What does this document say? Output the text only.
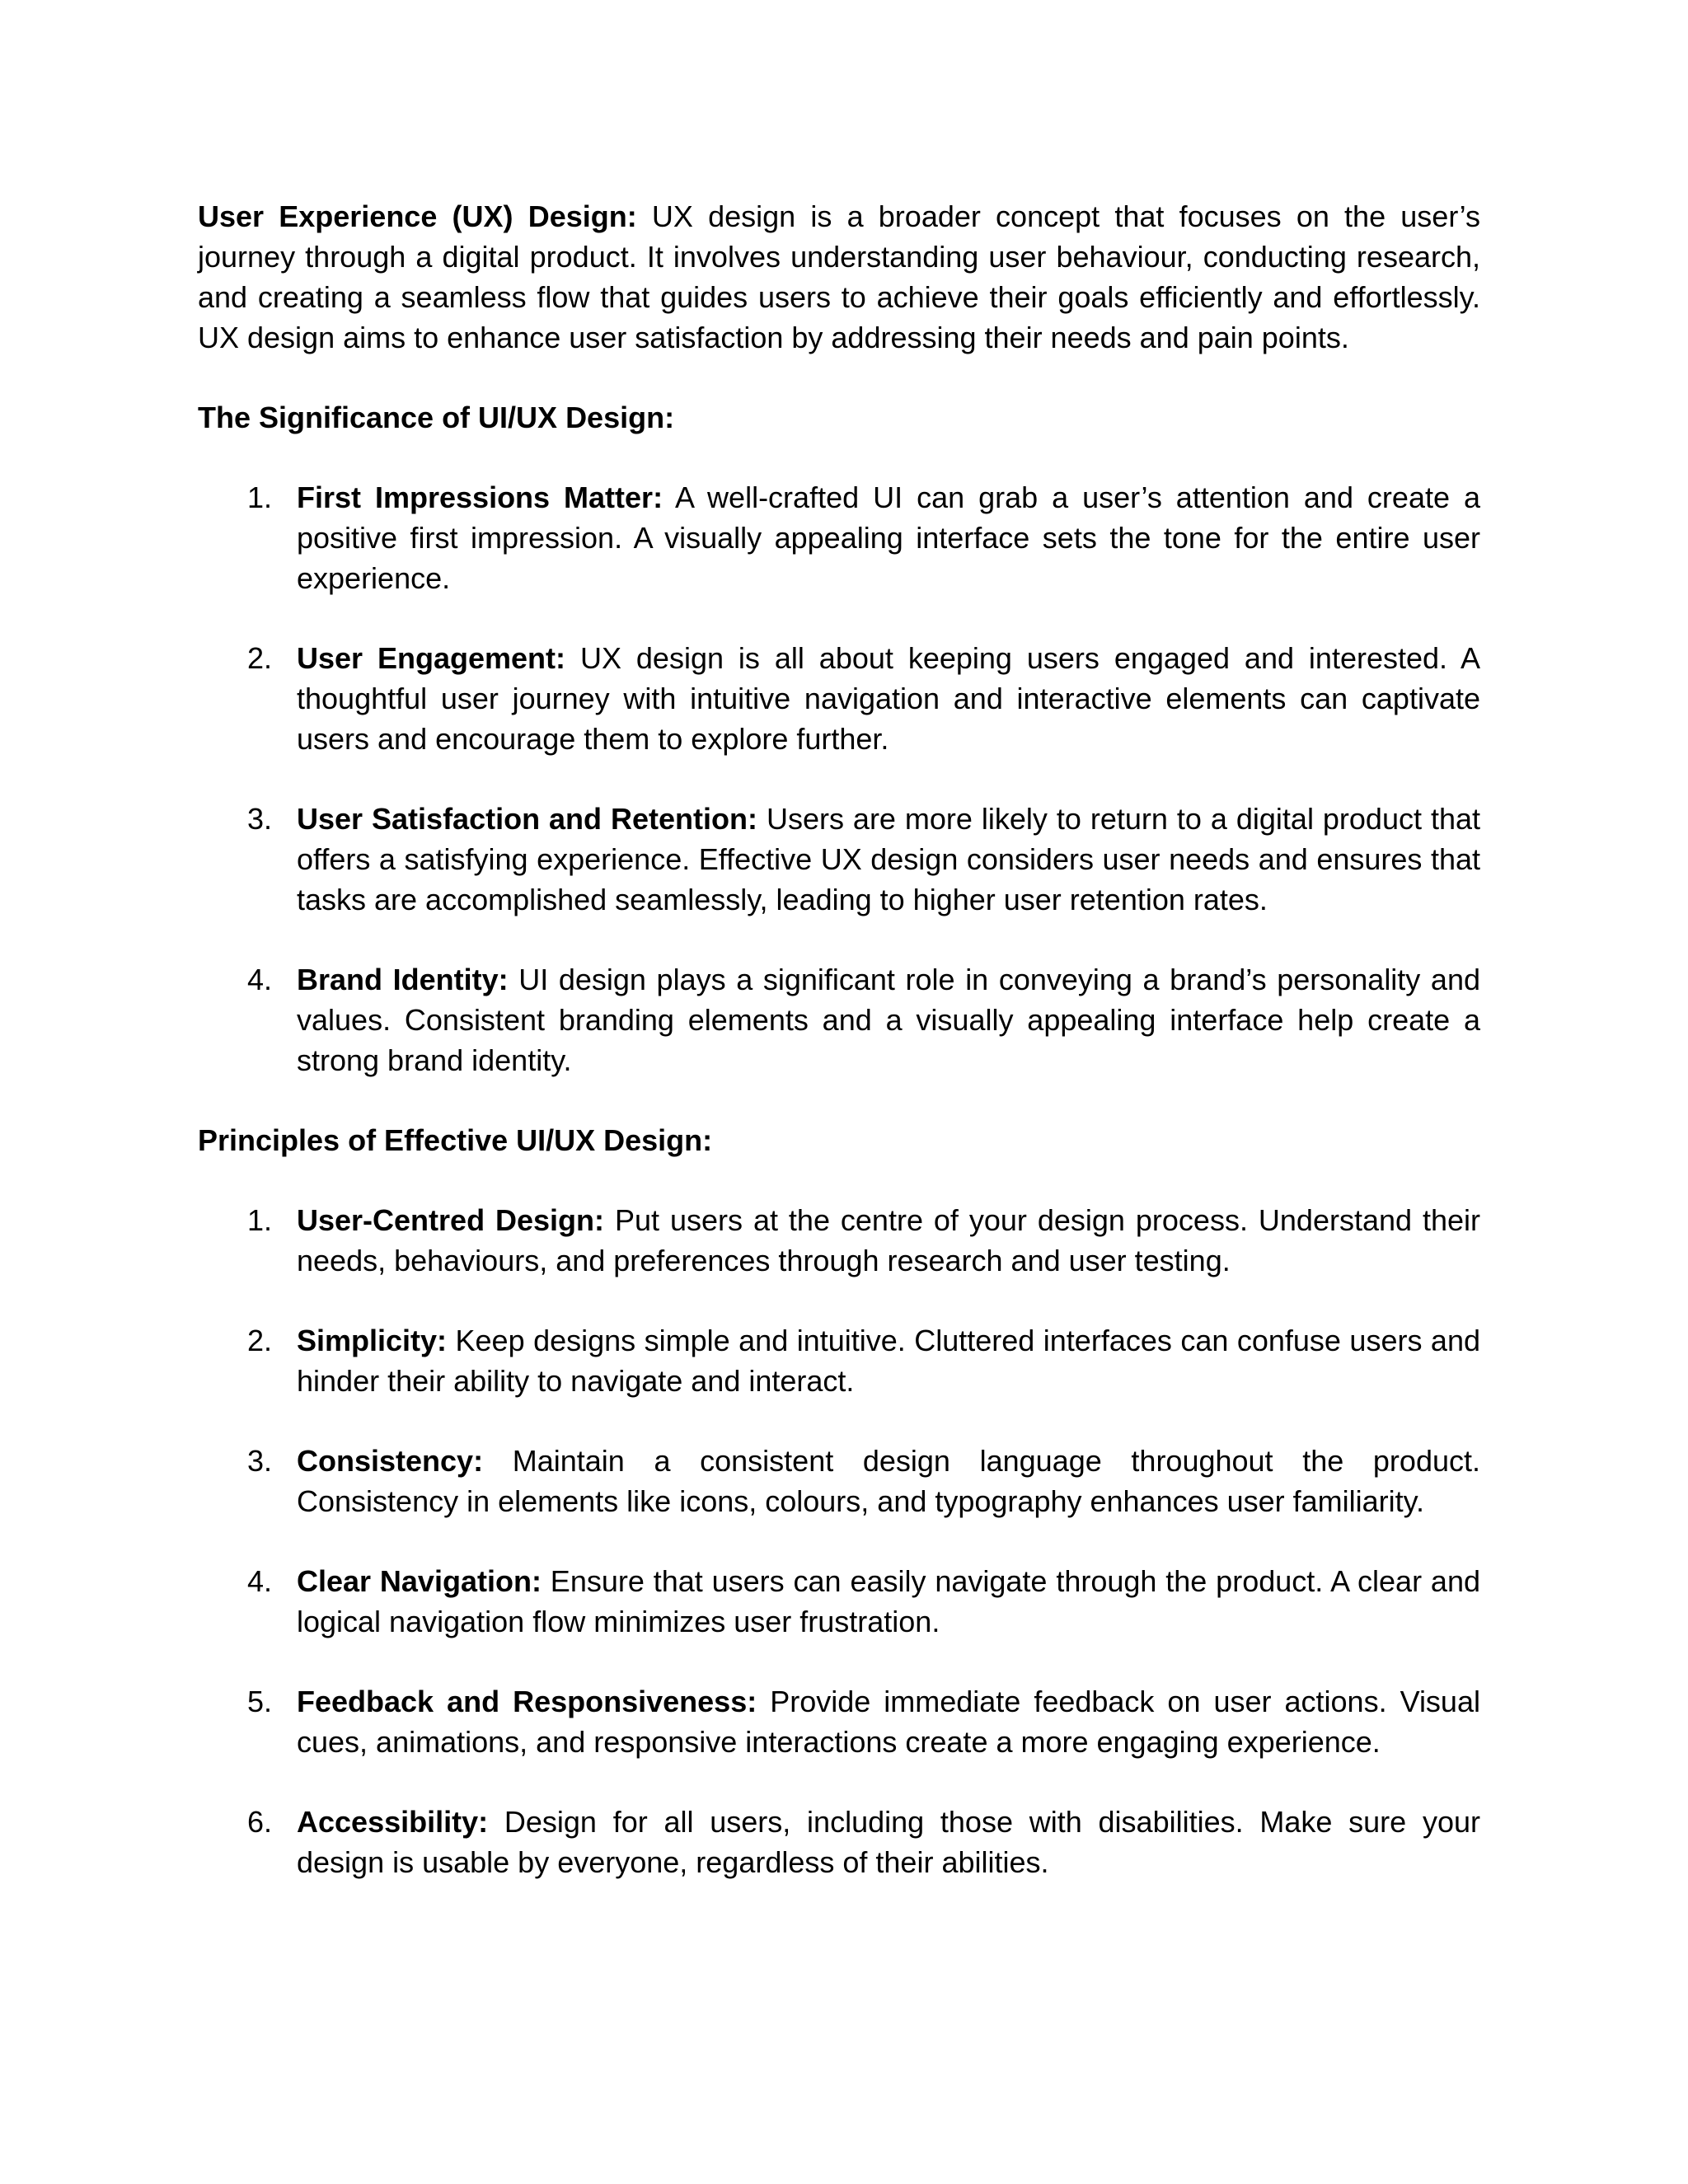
User Experience (UX) Design: UX design is a broader concept that focuses on the user’s journey through a digital product. It involves understanding user behaviour, conducting research, and creating a seamless flow that guides users to achieve their goals efficiently and effortlessly. UX design aims to enhance user satisfaction by addressing their needs and pain points.

The Significance of UI/UX Design:

1. First Impressions Matter: A well-crafted UI can grab a user’s attention and create a positive first impression. A visually appealing interface sets the tone for the entire user experience.
2. User Engagement: UX design is all about keeping users engaged and interested. A thoughtful user journey with intuitive navigation and interactive elements can captivate users and encourage them to explore further.
3. User Satisfaction and Retention: Users are more likely to return to a digital product that offers a satisfying experience. Effective UX design considers user needs and ensures that tasks are accomplished seamlessly, leading to higher user retention rates.
4. Brand Identity: UI design plays a significant role in conveying a brand’s personality and values. Consistent branding elements and a visually appealing interface help create a strong brand identity.

Principles of Effective UI/UX Design:

1. User-Centred Design: Put users at the centre of your design process. Understand their needs, behaviours, and preferences through research and user testing.
2. Simplicity: Keep designs simple and intuitive. Cluttered interfaces can confuse users and hinder their ability to navigate and interact.
3. Consistency: Maintain a consistent design language throughout the product. Consistency in elements like icons, colours, and typography enhances user familiarity.
4. Clear Navigation: Ensure that users can easily navigate through the product. A clear and logical navigation flow minimizes user frustration.
5. Feedback and Responsiveness: Provide immediate feedback on user actions. Visual cues, animations, and responsive interactions create a more engaging experience.
6. Accessibility: Design for all users, including those with disabilities. Make sure your design is usable by everyone, regardless of their abilities.
